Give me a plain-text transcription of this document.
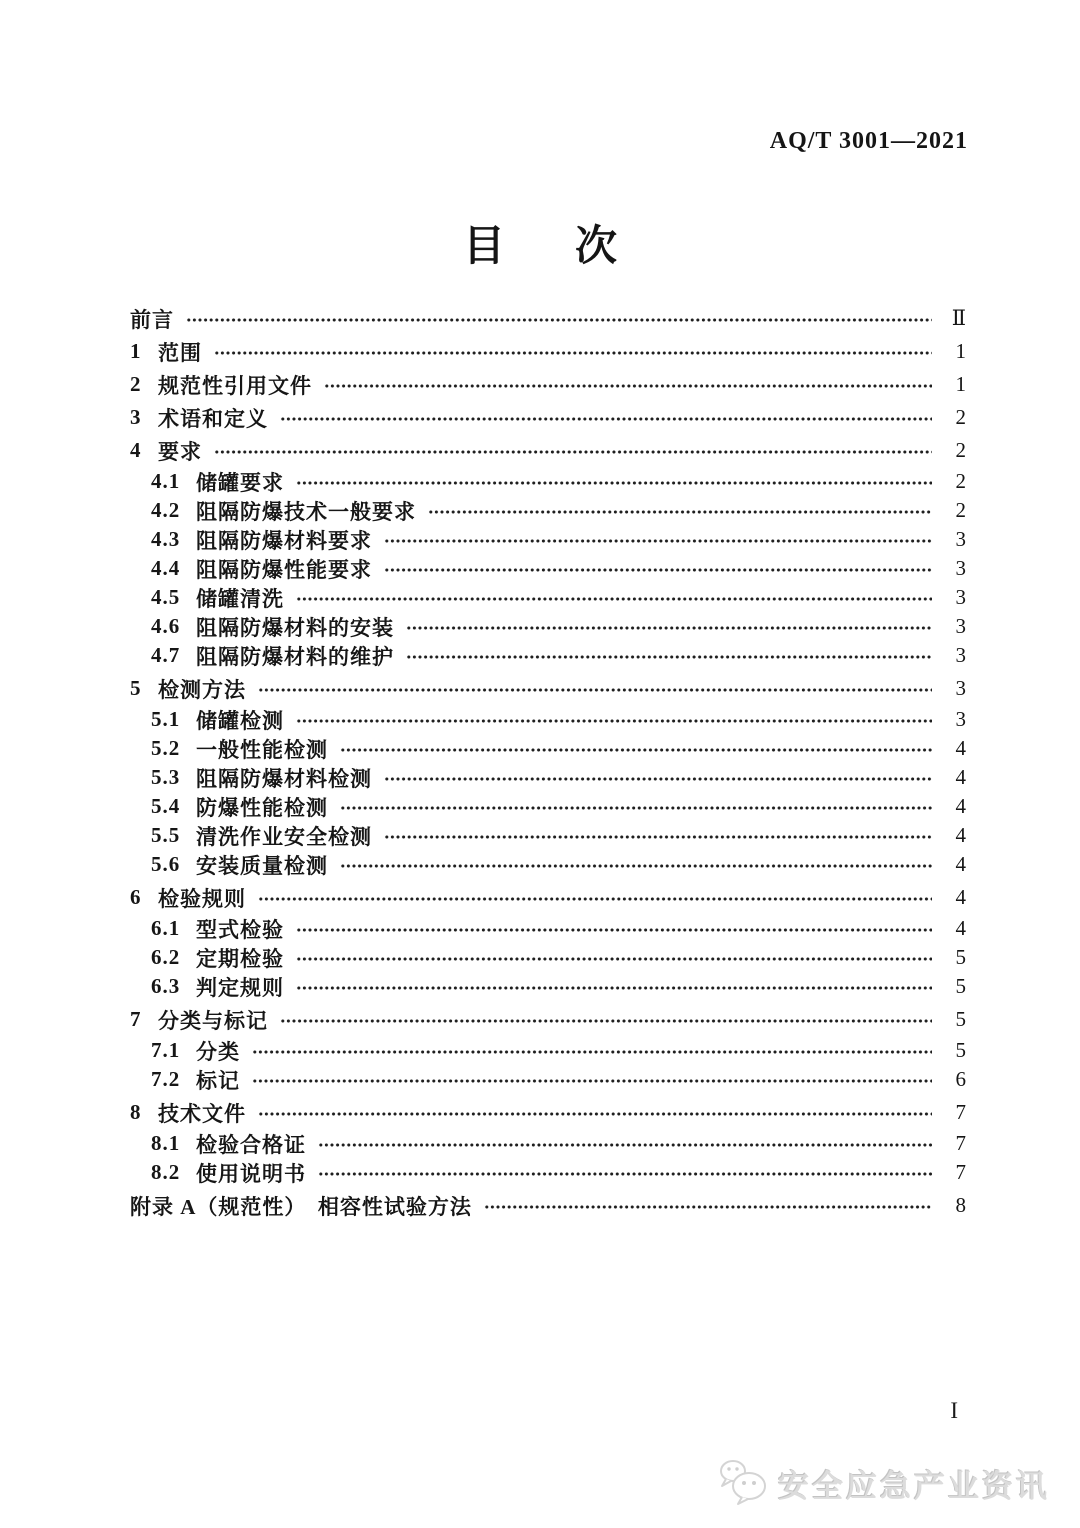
AQ/T 3001—2021
目　次
前言	Ⅱ
1 范围	1
2 规范性引用文件	1
3 术语和定义	2
4 要求	2
4.1 储罐要求	2
4.2 阻隔防爆技术一般要求	2
4.3 阻隔防爆材料要求	3
4.4 阻隔防爆性能要求	3
4.5 储罐清洗	3
4.6 阻隔防爆材料的安装	3
4.7 阻隔防爆材料的维护	3
5 检测方法	3
5.1 储罐检测	3
5.2 一般性能检测	4
5.3 阻隔防爆材料检测	4
5.4 防爆性能检测	4
5.5 清洗作业安全检测	4
5.6 安装质量检测	4
6 检验规则	4
6.1 型式检验	4
6.2 定期检验	5
6.3 判定规则	5
7 分类与标记	5
7.1 分类	5
7.2 标记	6
8 技术文件	7
8.1 检验合格证	7
8.2 使用说明书	7
附录 A（规范性）　相容性试验方法	8
I
安全应急产业资讯
